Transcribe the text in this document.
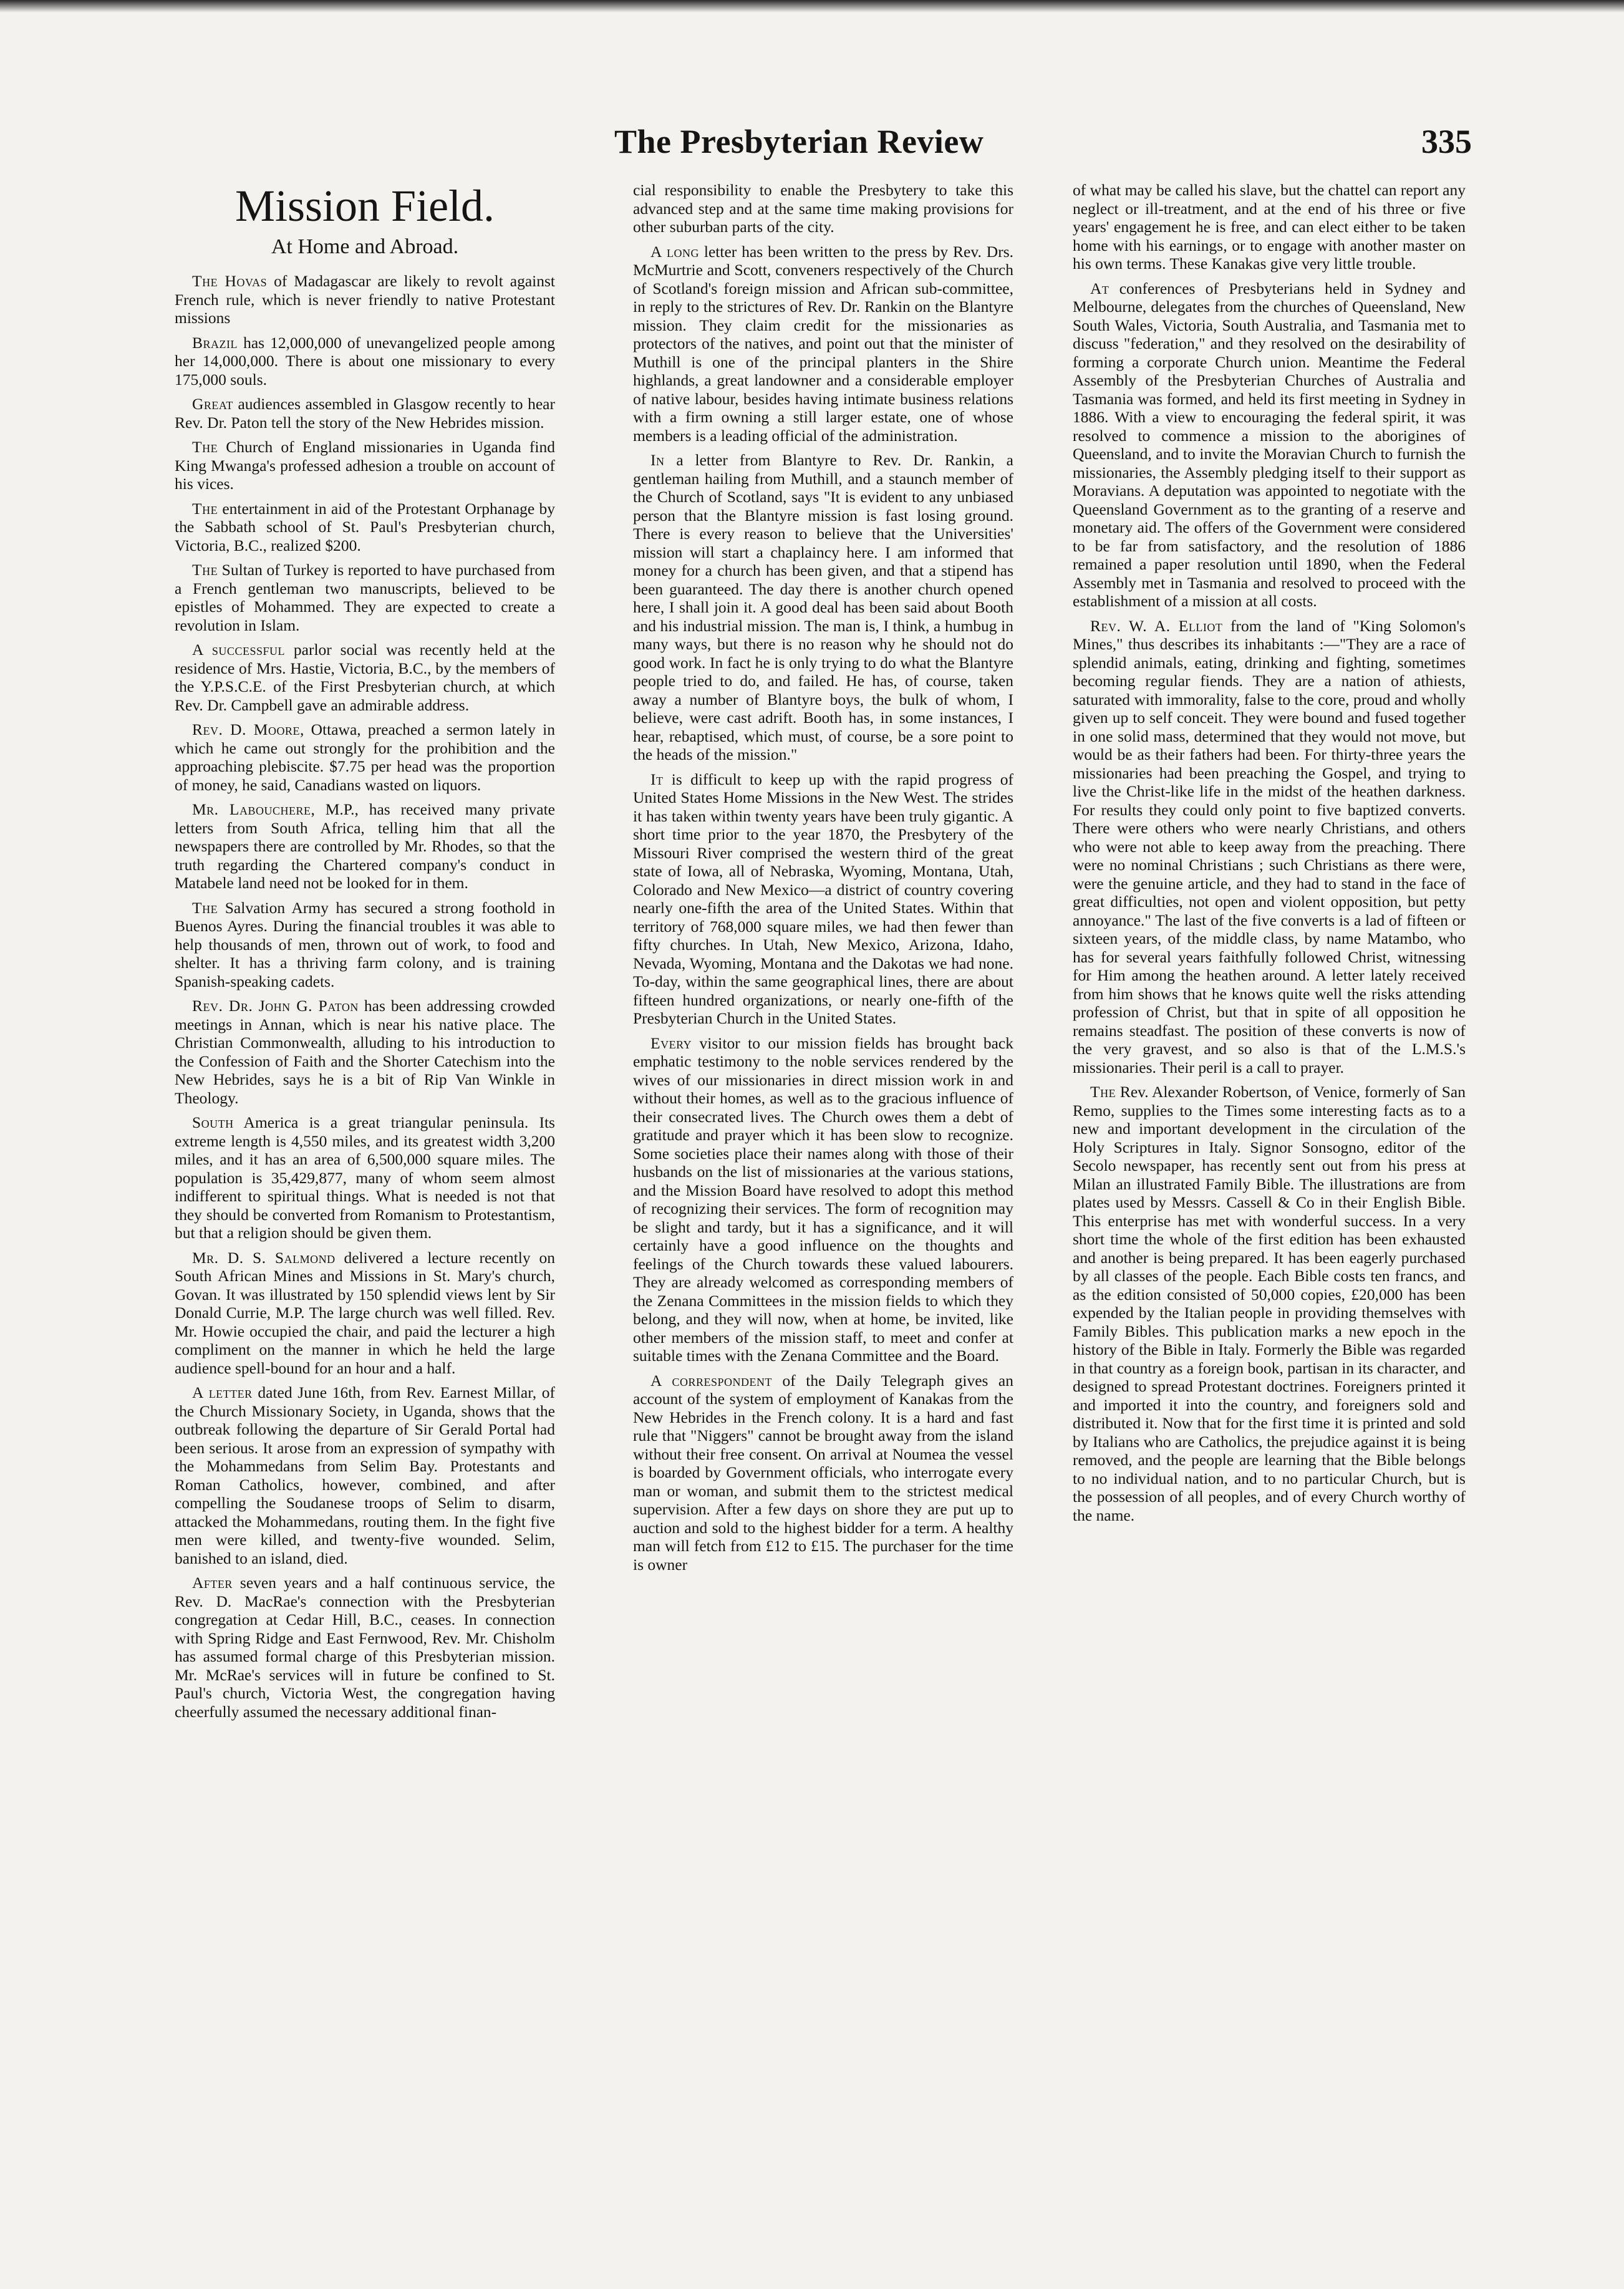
The Presbyterian Review	335
Mission Field.
At Home and Abroad.

The Hovas of Madagascar are likely to revolt against French rule, which is never friendly to native Protestant missions

Brazil has 12,000,000 of unevangelized people among her 14,000,000. There is about one missionary to every 175,000 souls.

Great audiences assembled in Glasgow recently to hear Rev. Dr. Paton tell the story of the New Hebrides mission.

The Church of England missionaries in Uganda find King Mwanga's professed adhesion a trouble on account of his vices.

The entertainment in aid of the Protestant Orphanage by the Sabbath school of St. Paul's Presbyterian church, Victoria, B.C., realized $200.

The Sultan of Turkey is reported to have purchased from a French gentleman two manuscripts, believed to be epistles of Mohammed. They are expected to create a revolution in Islam.

A successful parlor social was recently held at the residence of Mrs. Hastie, Victoria, B.C., by the members of the Y.P.S.C.E. of the First Presbyterian church, at which Rev. Dr. Campbell gave an admirable address.

Rev. D. Moore, Ottawa, preached a sermon lately in which he came out strongly for the prohibition and the approaching plebiscite. $7.75 per head was the proportion of money, he said, Canadians wasted on liquors.

Mr. Labouchere, M.P., has received many private letters from South Africa, telling him that all the newspapers there are controlled by Mr. Rhodes, so that the truth regarding the Chartered company's conduct in Matabele land need not be looked for in them.

The Salvation Army has secured a strong foothold in Buenos Ayres. During the financial troubles it was able to help thousands of men, thrown out of work, to food and shelter. It has a thriving farm colony, and is training Spanish-speaking cadets.

Rev. Dr. John G. Paton has been addressing crowded meetings in Annan, which is near his native place. The Christian Commonwealth, alluding to his introduction to the Confession of Faith and the Shorter Catechism into the New Hebrides, says he is a bit of Rip Van Winkle in Theology.

South America is a great triangular peninsula. Its extreme length is 4,550 miles, and its greatest width 3,200 miles, and it has an area of 6,500,000 square miles. The population is 35,429,877, many of whom seem almost indifferent to spiritual things. What is needed is not that they should be converted from Romanism to Protestantism, but that a religion should be given them.

Mr. D. S. Salmond delivered a lecture recently on South African Mines and Missions in St. Mary's church, Govan. It was illustrated by 150 splendid views lent by Sir Donald Currie, M.P. The large church was well filled. Rev. Mr. Howie occupied the chair, and paid the lecturer a high compliment on the manner in which he held the large audience spell-bound for an hour and a half.

A letter dated June 16th, from Rev. Earnest Millar, of the Church Missionary Society, in Uganda, shows that the outbreak following the departure of Sir Gerald Portal had been serious. It arose from an expression of sympathy with the Mohammedans from Selim Bay. Protestants and Roman Catholics, however, combined, and after compelling the Soudanese troops of Selim to disarm, attacked the Mohammedans, routing them. In the fight five men were killed, and twenty-five wounded. Selim, banished to an island, died.

After seven years and a half continuous service, the Rev. D. MacRae's connection with the Presbyterian congregation at Cedar Hill, B.C., ceases. In connection with Spring Ridge and East Fernwood, Rev. Mr. Chisholm has assumed formal charge of this Presbyterian mission. Mr. McRae's services will in future be confined to St. Paul's church, Victoria West, the congregation having cheerfully assumed the necessary additional finan-

cial responsibility to enable the Presbytery to take this advanced step and at the same time making provisions for other suburban parts of the city.

A long letter has been written to the press by Rev. Drs. McMurtrie and Scott, conveners respectively of the Church of Scotland's foreign mission and African sub-committee, in reply to the strictures of Rev. Dr. Rankin on the Blantyre mission. They claim credit for the missionaries as protectors of the natives, and point out that the minister of Muthill is one of the principal planters in the Shire highlands, a great landowner and a considerable employer of native labour, besides having intimate business relations with a firm owning a still larger estate, one of whose members is a leading official of the administration.

In a letter from Blantyre to Rev. Dr. Rankin, a gentleman hailing from Muthill, and a staunch member of the Church of Scotland, says "It is evident to any unbiased person that the Blantyre mission is fast losing ground. There is every reason to believe that the Universities' mission will start a chaplaincy here. I am informed that money for a church has been given, and that a stipend has been guaranteed. The day there is another church opened here, I shall join it. A good deal has been said about Booth and his industrial mission. The man is, I think, a humbug in many ways, but there is no reason why he should not do good work. In fact he is only trying to do what the Blantyre people tried to do, and failed. He has, of course, taken away a number of Blantyre boys, the bulk of whom, I believe, were cast adrift. Booth has, in some instances, I hear, rebaptised, which must, of course, be a sore point to the heads of the mission."

It is difficult to keep up with the rapid progress of United States Home Missions in the New West. The strides it has taken within twenty years have been truly gigantic. A short time prior to the year 1870, the Presbytery of the Missouri River comprised the western third of the great state of Iowa, all of Nebraska, Wyoming, Montana, Utah, Colorado and New Mexico—a district of country covering nearly one-fifth the area of the United States. Within that territory of 768,000 square miles, we had then fewer than fifty churches. In Utah, New Mexico, Arizona, Idaho, Nevada, Wyoming, Montana and the Dakotas we had none. To-day, within the same geographical lines, there are about fifteen hundred organizations, or nearly one-fifth of the Presbyterian Church in the United States.

Every visitor to our mission fields has brought back emphatic testimony to the noble services rendered by the wives of our missionaries in direct mission work in and without their homes, as well as to the gracious influence of their consecrated lives. The Church owes them a debt of gratitude and prayer which it has been slow to recognize. Some societies place their names along with those of their husbands on the list of missionaries at the various stations, and the Mission Board have resolved to adopt this method of recognizing their services. The form of recognition may be slight and tardy, but it has a significance, and it will certainly have a good influence on the thoughts and feelings of the Church towards these valued labourers. They are already welcomed as corresponding members of the Zenana Committees in the mission fields to which they belong, and they will now, when at home, be invited, like other members of the mission staff, to meet and confer at suitable times with the Zenana Committee and the Board.

A correspondent of the Daily Telegraph gives an account of the system of employment of Kanakas from the New Hebrides in the French colony. It is a hard and fast rule that "Niggers" cannot be brought away from the island without their free consent. On arrival at Noumea the vessel is boarded by Government officials, who interrogate every man or woman, and submit them to the strictest medical supervision. After a few days on shore they are put up to auction and sold to the highest bidder for a term. A healthy man will fetch from £12 to £15. The purchaser for the time is owner

of what may be called his slave, but the chattel can report any neglect or ill-treatment, and at the end of his three or five years' engagement he is free, and can elect either to be taken home with his earnings, or to engage with another master on his own terms. These Kanakas give very little trouble.

At conferences of Presbyterians held in Sydney and Melbourne, delegates from the churches of Queensland, New South Wales, Victoria, South Australia, and Tasmania met to discuss "federation," and they resolved on the desirability of forming a corporate Church union. Meantime the Federal Assembly of the Presbyterian Churches of Australia and Tasmania was formed, and held its first meeting in Sydney in 1886. With a view to encouraging the federal spirit, it was resolved to commence a mission to the aborigines of Queensland, and to invite the Moravian Church to furnish the missionaries, the Assembly pledging itself to their support as Moravians. A deputation was appointed to negotiate with the Queensland Government as to the granting of a reserve and monetary aid. The offers of the Government were considered to be far from satisfactory, and the resolution of 1886 remained a paper resolution until 1890, when the Federal Assembly met in Tasmania and resolved to proceed with the establishment of a mission at all costs.

Rev. W. A. Elliot from the land of "King Solomon's Mines," thus describes its inhabitants :—"They are a race of splendid animals, eating, drinking and fighting, sometimes becoming regular fiends. They are a nation of athiests, saturated with immorality, false to the core, proud and wholly given up to self conceit. They were bound and fused together in one solid mass, determined that they would not move, but would be as their fathers had been. For thirty-three years the missionaries had been preaching the Gospel, and trying to live the Christ-like life in the midst of the heathen darkness. For results they could only point to five baptized converts. There were others who were nearly Christians, and others who were not able to keep away from the preaching. There were no nominal Christians ; such Christians as there were, were the genuine article, and they had to stand in the face of great difficulties, not open and violent opposition, but petty annoyance." The last of the five converts is a lad of fifteen or sixteen years, of the middle class, by name Matambo, who has for several years faithfully followed Christ, witnessing for Him among the heathen around. A letter lately received from him shows that he knows quite well the risks attending profession of Christ, but that in spite of all opposition he remains steadfast. The position of these converts is now of the very gravest, and so also is that of the L.M.S.'s missionaries. Their peril is a call to prayer.

The Rev. Alexander Robertson, of Venice, formerly of San Remo, supplies to the Times some interesting facts as to a new and important development in the circulation of the Holy Scriptures in Italy. Signor Sonsogno, editor of the Secolo newspaper, has recently sent out from his press at Milan an illustrated Family Bible. The illustrations are from plates used by Messrs. Cassell & Co in their English Bible. This enterprise has met with wonderful success. In a very short time the whole of the first edition has been exhausted and another is being prepared. It has been eagerly purchased by all classes of the people. Each Bible costs ten francs, and as the edition consisted of 50,000 copies, £20,000 has been expended by the Italian people in providing themselves with Family Bibles. This publication marks a new epoch in the history of the Bible in Italy. Formerly the Bible was regarded in that country as a foreign book, partisan in its character, and designed to spread Protestant doctrines. Foreigners printed it and imported it into the country, and foreigners sold and distributed it. Now that for the first time it is printed and sold by Italians who are Catholics, the prejudice against it is being removed, and the people are learning that the Bible belongs to no individual nation, and to no particular Church, but is the possession of all peoples, and of every Church worthy of the name.
